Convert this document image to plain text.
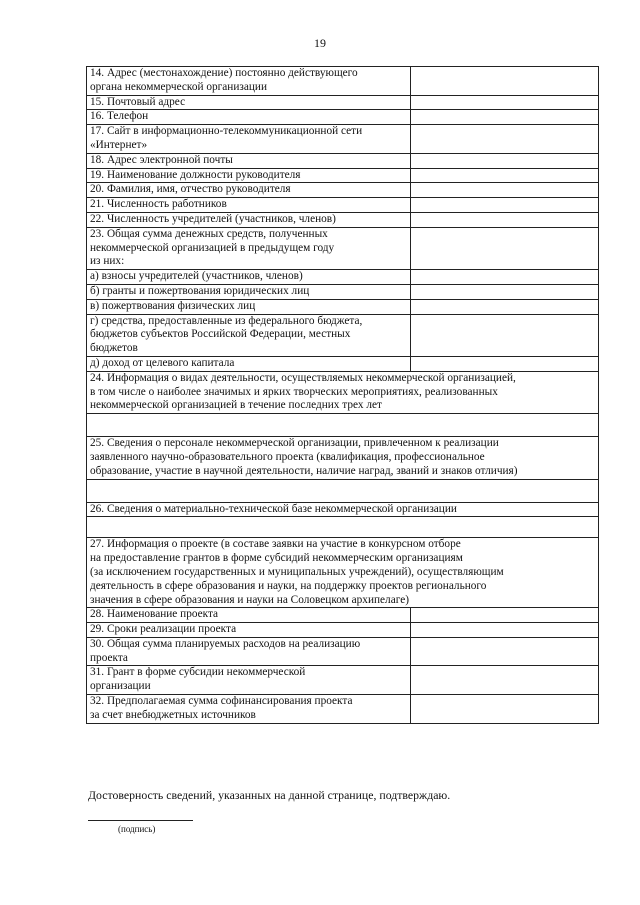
19
14. Адрес (местонахождение) постоянно действующего
органа некоммерческой организации	
15. Почтовый адрес	
16. Телефон	
17. Сайт в информационно-телекоммуникационной сети
«Интернет»	
18. Адрес электронной почты	
19. Наименование должности руководителя	
20. Фамилия, имя, отчество руководителя	
21. Численность работников	
22. Численность учредителей (участников, членов)	
23. Общая сумма денежных средств, полученных
некоммерческой организацией в предыдущем году
из них:	
а) взносы учредителей (участников, членов)	
б) гранты и пожертвования юридических лиц	
в) пожертвования физических лиц	
г) средства, предоставленные из федерального бюджета,
бюджетов субъектов Российской Федерации, местных
бюджетов	
д) доход от целевого капитала	
24. Информация о видах деятельности, осуществляемых некоммерческой организацией,
в том числе о наиболее значимых и ярких творческих мероприятиях, реализованных
некоммерческой организацией в течение последних трех лет	

25. Сведения о персонале некоммерческой организации, привлеченном к реализации
заявленного научно-образовательного проекта (квалификация, профессиональное
образование, участие в научной деятельности, наличие наград, званий и знаков отличия)	

26. Сведения о материально-технической базе некоммерческой организации	

27. Информация о проекте (в составе заявки на участие в конкурсном отборе
на предоставление грантов в форме субсидий некоммерческим организациям
(за исключением государственных и муниципальных учреждений), осуществляющим
деятельность в сфере образования и науки, на поддержку проектов регионального
значения в сфере образования и науки на Соловецком архипелаге)	
28. Наименование проекта	
29. Сроки реализации проекта	
30. Общая сумма планируемых расходов на реализацию
проекта	
31. Грант в форме субсидии некоммерческой
организации	
32. Предполагаемая сумма софинансирования проекта
за счет внебюджетных источников	
Достоверность сведений, указанных на данной странице, подтверждаю.
(подпись)
